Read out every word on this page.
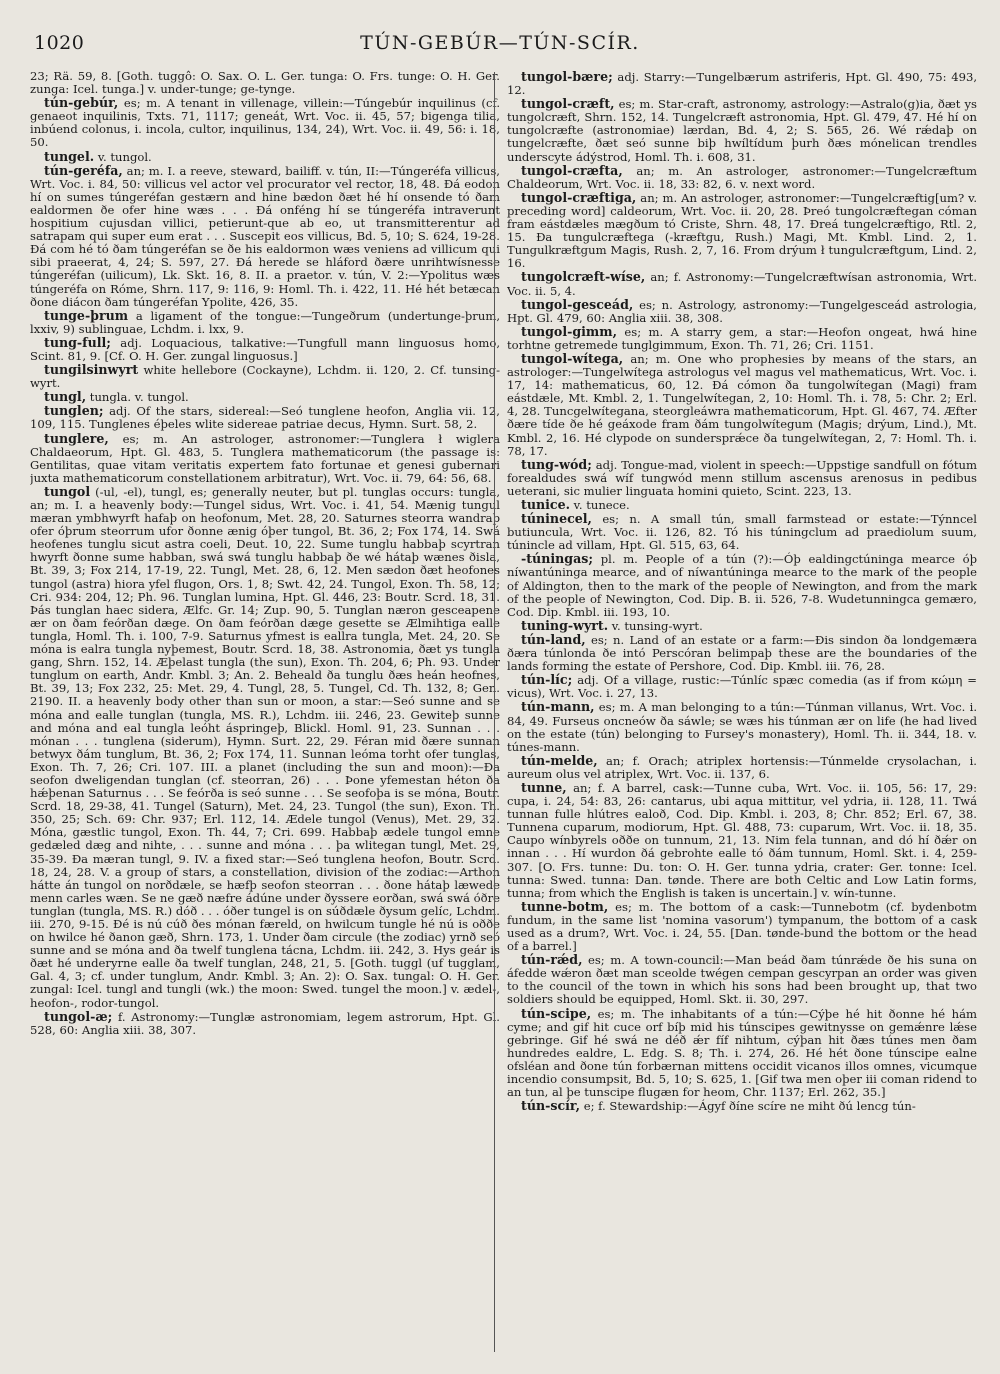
1020	TÚN-GEBÚR—TÚN-SCÍR.

23; Rä. 59, 8. [Goth. tuggô: O. Sax. O. L. Ger. tunga: O. Frs. tunge: O. H. Ger. zunga: Icel. tunga.] v. under-tunge; ge-tynge.

tún-gebúr, es; m. A tenant in villenage, villein:—Túngebúr inquilinus (cf. genaeot inquilinis, Txts. 71, 1117; geneát, Wrt. Voc. ii. 45, 57; bigenga tilia, inbúend colonus, i. incola, cultor, inquilinus, 134, 24), Wrt. Voc. ii. 49, 56: i. 18, 50.

tungel. v. tungol.

tún-geréfa, an; m. I. a reeve, steward, bailiff. v. tún, II:—Túngeréfa villicus, Wrt. Voc. i. 84, 50: villicus vel actor vel procurator vel rector, 18, 48. Ðá eodon hí on sumes túngeréfan gestærn and hine bædon ðæt hé hí onsende tó ðam ealdormen ðe ofer hine wæs . . . Ðá onféng hí se túngeréfa intraverunt hospitium cujusdan villici, petierunt-que ab eo, ut transmitterentur ad satrapam qui super eum erat . . . Suscepit eos villicus, Bd. 5, 10; S. 624, 19-28. Ðá com hé tó ðam túngeréfan se ðe his ealdormon wæs veniens ad villicum qui sibi praeerat, 4, 24; S. 597, 27. Ðá herede se hláford ðære unrihtwísnesse túngeréfan (uilicum), Lk. Skt. 16, 8. II. a praetor. v. tún, V. 2:—Ypolitus wæs túngeréfa on Róme, Shrn. 117, 9: 116, 9: Homl. Th. i. 422, 11. Hé hét betæcan ðone diácon ðam túngeréfan Ypolite, 426, 35.

tunge-þrum a ligament of the tongue:—Tungeðrum (undertunge-þrum, lxxiv, 9) sublinguae, Lchdm. i. lxx, 9.

tung-full; adj. Loquacious, talkative:—Tungfull mann linguosus homo, Scint. 81, 9. [Cf. O. H. Ger. zungal linguosus.]

tungilsinwyrt white hellebore (Cockayne), Lchdm. ii. 120, 2. Cf. tunsing-wyrt.

tungl, tungla. v. tungol.

tunglen; adj. Of the stars, sidereal:—Seó tunglene heofon, Anglia vii. 12, 109, 115. Tunglenes éþeles wlite sidereae patriae decus, Hymn. Surt. 58, 2.

tunglere, es; m. An astrologer, astronomer:—Tunglera ł wiglera Chaldaeorum, Hpt. Gl. 483, 5. Tunglera mathematicorum (the passage is: Gentilitas, quae vitam veritatis expertem fato fortunae et genesi gubernari juxta mathematicorum constellationem arbitratur), Wrt. Voc. ii. 79, 64: 56, 68.

tungol (-ul, -el), tungl, es; generally neuter, but pl. tunglas occurs: tungla, an; m. I. a heavenly body:—Tungel sidus, Wrt. Voc. i. 41, 54. Mænig tungul mæran ymbhwyrft hafaþ on heofonum, Met. 28, 20. Saturnes steorra wandraþ ofer óþrum steorrum ufor ðonne ænig óþer tungol, Bt. 36, 2; Fox 174, 14. Swá heofenes tunglu sicut astra coeli, Deut. 10, 22. Sume tunglu habbaþ scyrtran hwyrft ðonne sume habban, swá swá tunglu habbaþ ðe wé hátaþ wænes ðisla, Bt. 39, 3; Fox 214, 17-19, 22. Tungl, Met. 28, 6, 12. Men sædon ðæt heofones tungol (astra) hiora yfel flugon, Ors. 1, 8; Swt. 42, 24. Tungol, Exon. Th. 58, 12; Cri. 934: 204, 12; Ph. 96. Tunglan lumina, Hpt. Gl. 446, 23: Boutr. Scrd. 18, 31. Þás tunglan haec sidera, Ælfc. Gr. 14; Zup. 90, 5. Tunglan næron gesceapene ær on ðam feórðan dæge. On ðam feórðan dæge gesette se Ælmihtiga ealle tungla, Homl. Th. i. 100, 7-9. Saturnus yfmest is eallra tungla, Met. 24, 20. Se móna is ealra tungla nyþemest, Boutr. Scrd. 18, 38. Astronomia, ðæt ys tungla gang, Shrn. 152, 14. Æþelast tungla (the sun), Exon. Th. 204, 6; Ph. 93. Under tunglum on earth, Andr. Kmbl. 3; An. 2. Beheald ða tunglu ðæs heán heofnes, Bt. 39, 13; Fox 232, 25: Met. 29, 4. Tungl, 28, 5. Tungel, Cd. Th. 132, 8; Gen. 2190. II. a heavenly body other than sun or moon, a star:—Seó sunne and se móna and ealle tunglan (tungla, MS. R.), Lchdm. iii. 246, 23. Gewiteþ sunne and móna and eal tungla leóht áspringeþ, Blickl. Homl. 91, 23. Sunnan . . . mónan . . . tunglena (siderum), Hymn. Surt. 22, 29. Féran mid ðære sunnan betwyx ðám tunglum, Bt. 36, 2; Fox 174, 11. Sunnan leóma torht ofer tunglas, Exon. Th. 7, 26; Cri. 107. III. a planet (including the sun and moon):—Ða seofon dweligendan tunglan (cf. steorran, 26) . . . Þone yfemestan héton ða hǽþenan Saturnus . . . Se feórða is seó sunne . . . Se seofoþa is se móna, Boutr. Scrd. 18, 29-38, 41. Tungel (Saturn), Met. 24, 23. Tungol (the sun), Exon. Th. 350, 25; Sch. 69: Chr. 937; Erl. 112, 14. Ædele tungol (Venus), Met. 29, 32. Móna, gæstlic tungol, Exon. Th. 44, 7; Cri. 699. Habbaþ ædele tungol emne gedæled dæg and nihte, . . . sunne and móna . . . þa wlitegan tungl, Met. 29, 35-39. Ða mæran tungl, 9. IV. a fixed star:—Seó tunglena heofon, Boutr. Scrd. 18, 24, 28. V. a group of stars, a constellation, division of the zodiac:—Arthon hátte án tungol on norðdæle, se hæfþ seofon steorran . . . ðone hátaþ læwede menn carles wæn. Se ne gæð næfre ádúne under ðyssere eorðan, swá swá óðre tunglan (tungla, MS. R.) dóð . . . óðer tungel is on súðdæle ðysum gelíc, Lchdm. iii. 270, 9-15. Ðé is nú cúð ðes mónan færeld, on hwilcum tungle hé nú is oððe on hwilce hé ðanon gæð, Shrn. 173, 1. Under ðam circule (the zodiac) yrnð seó sunne and se móna and ða twelf tunglena tácna, Lchdm. iii. 242, 3. Hys geár is ðæt hé underyrne ealle ða twelf tunglan, 248, 21, 5. [Goth. tuggl (uf tugglam, Gal. 4, 3; cf. under tunglum, Andr. Kmbl. 3; An. 2): O. Sax. tungal: O. H. Ger. zungal: Icel. tungl and tungli (wk.) the moon: Swed. tungel the moon.] v. ædel-, heofon-, rodor-tungol.

tungol-æ; f. Astronomy:—Tunglæ astronomiam, legem astrorum, Hpt. Gl. 528, 60: Anglia xiii. 38, 307.

tungol-bære; adj. Starry:—Tungelbærum astriferis, Hpt. Gl. 490, 75: 493, 12.

tungol-cræft, es; m. Star-craft, astronomy, astrology:—Astralo(g)ia, ðæt ys tungolcræft, Shrn. 152, 14. Tungelcræft astronomia, Hpt. Gl. 479, 47. Hé hí on tungolcræfte (astronomiae) lærdan, Bd. 4, 2; S. 565, 26. Wé rǽdaþ on tungelcræfte, ðæt seó sunne biþ hwíltídum þurh ðæs mónelican trendles underscyte ádýstrod, Homl. Th. i. 608, 31.

tungol-cræfta, an; m. An astrologer, astronomer:—Tungelcræftum Chaldeorum, Wrt. Voc. ii. 18, 33: 82, 6. v. next word.

tungol-cræftiga, an; m. An astrologer, astronomer:—Tungelcræftig[um? v. preceding word] caldeorum, Wrt. Voc. ii. 20, 28. Þreó tungolcræftegan cóman fram eástdæles mægðum tó Criste, Shrn. 48, 17. Ðreá tungelcræftigo, Rtl. 2, 15. Ða tungulcræftega (-kræftgu, Rush.) Magi, Mt. Kmbl. Lind. 2, 1. Tungulkræftgum Magis, Rush. 2, 7, 16. From drýum ł tungulcræftgum, Lind. 2, 16.

tungolcræft-wíse, an; f. Astronomy:—Tungelcræftwísan astronomia, Wrt. Voc. ii. 5, 4.

tungol-gesceád, es; n. Astrology, astronomy:—Tungelgesceád astrologia, Hpt. Gl. 479, 60: Anglia xiii. 38, 308.

tungol-gimm, es; m. A starry gem, a star:—Heofon ongeat, hwá hine torhtne getremede tunglgimmum, Exon. Th. 71, 26; Cri. 1151.

tungol-wítega, an; m. One who prophesies by means of the stars, an astrologer:—Tungelwítega astrologus vel magus vel mathematicus, Wrt. Voc. i. 17, 14: mathematicus, 60, 12. Ðá cómon ða tungolwítegan (Magi) fram eástdæle, Mt. Kmbl. 2, 1. Tungelwítegan, 2, 10: Homl. Th. i. 78, 5: Chr. 2; Erl. 4, 28. Tuncgelwítegana, steorgleáwra mathematicorum, Hpt. Gl. 467, 74. Æfter ðære tíde ðe hé geáxode fram ðám tungolwítegum (Magis; drýum, Lind.), Mt. Kmbl. 2, 16. Hé clypode on sundersprǽce ða tungelwítegan, 2, 7: Homl. Th. i. 78, 17.

tung-wód; adj. Tongue-mad, violent in speech:—Uppstige sandfull on fótum forealdudes swá wíf tungwód menn stillum ascensus arenosus in pedibus ueterani, sic mulier linguata homini quieto, Scint. 223, 13.

tunice. v. tunece.

túninecel, es; n. A small tún, small farmstead or estate:—Týnncel butiuncula, Wrt. Voc. ii. 126, 82. Tó his túningclum ad praediolum suum, túnincle ad villam, Hpt. Gl. 515, 63, 64.

-túningas; pl. m. People of a tún (?):—Óþ ealdingctúninga mearce óþ níwantúninga mearce, and of níwantúninga mearce to the mark of the people of Aldington, then to the mark of the people of Newington, and from the mark of the people of Newington, Cod. Dip. B. ii. 526, 7-8. Wudetunningca gemæro, Cod. Dip. Kmbl. iii. 193, 10.

tuning-wyrt. v. tunsing-wyrt.

tún-land, es; n. Land of an estate or a farm:—Ðis sindon ða londgemæra ðæra túnlonda ðe intó Perscóran belimpaþ these are the boundaries of the lands forming the estate of Pershore, Cod. Dip. Kmbl. iii. 76, 28.

tún-líc; adj. Of a village, rustic:—Túnlíc spæc comedia (as if from κώμη = vicus), Wrt. Voc. i. 27, 13.

tún-mann, es; m. A man belonging to a tún:—Túnman villanus, Wrt. Voc. i. 84, 49. Furseus oncneów ða sáwle; se wæs his túnman ær on life (he had lived on the estate (tún) belonging to Fursey's monastery), Homl. Th. ii. 344, 18. v. túnes-mann.

tún-melde, an; f. Orach; atriplex hortensis:—Túnmelde crysolachan, i. aureum olus vel atriplex, Wrt. Voc. ii. 137, 6.

tunne, an; f. A barrel, cask:—Tunne cuba, Wrt. Voc. ii. 105, 56: 17, 29: cupa, i. 24, 54: 83, 26: cantarus, ubi aqua mittitur, vel ydria, ii. 128, 11. Twá tunnan fulle hlútres ealoð, Cod. Dip. Kmbl. i. 203, 8; Chr. 852; Erl. 67, 38. Tunnena cuparum, modiorum, Hpt. Gl. 488, 73: cuparum, Wrt. Voc. ii. 18, 35. Caupo wínbyrels oððe on tunnum, 21, 13. Nim fela tunnan, and dó hí ðǽr on innan . . . Hí wurdon ðá gebrohte ealle tó ðám tunnum, Homl. Skt. i. 4, 259-307. [O. Frs. tunne: Du. ton: O. H. Ger. tunna ydria, crater: Ger. tonne: Icel. tunna: Swed. tunna: Dan. tønde. There are both Celtic and Low Latin forms, tunna; from which the English is taken is uncertain.] v. wín-tunne.

tunne-botm, es; m. The bottom of a cask:—Tunnebotm (cf. bydenbotm fundum, in the same list 'nomina vasorum') tympanum, the bottom of a cask used as a drum?, Wrt. Voc. i. 24, 55. [Dan. tønde-bund the bottom or the head of a barrel.]

tún-rǽd, es; m. A town-council:—Man beád ðam túnrǽde ðe his suna on áfedde wǽron ðæt man sceolde twégen cempan gescyrpan an order was given to the council of the town in which his sons had been brought up, that two soldiers should be equipped, Homl. Skt. ii. 30, 297.

tún-scipe, es; m. The inhabitants of a tún:—Cýþe hé hit ðonne hé hám cyme; and gif hit cuce orf bíþ mid his túnscipes gewitnysse on gemǽnre lǽse gebringe. Gif hé swá ne déð ǽr fíf nihtum, cýþan hit ðæs túnes men ðam hundredes ealdre, L. Edg. S. 8; Th. i. 274, 26. Hé hét ðone túnscipe ealne ofsléan and ðone tún forbærnan mittens occidit vicanos illos omnes, vicumque incendio consumpsit, Bd. 5, 10; S. 625, 1. [Gif twa men oþer iii coman ridend to an tun, al þe tunscipe flugæn for heom, Chr. 1137; Erl. 262, 35.]

tún-scír, e; f. Stewardship:—Ágyf ðíne scíre ne miht ðú lencg tún-
